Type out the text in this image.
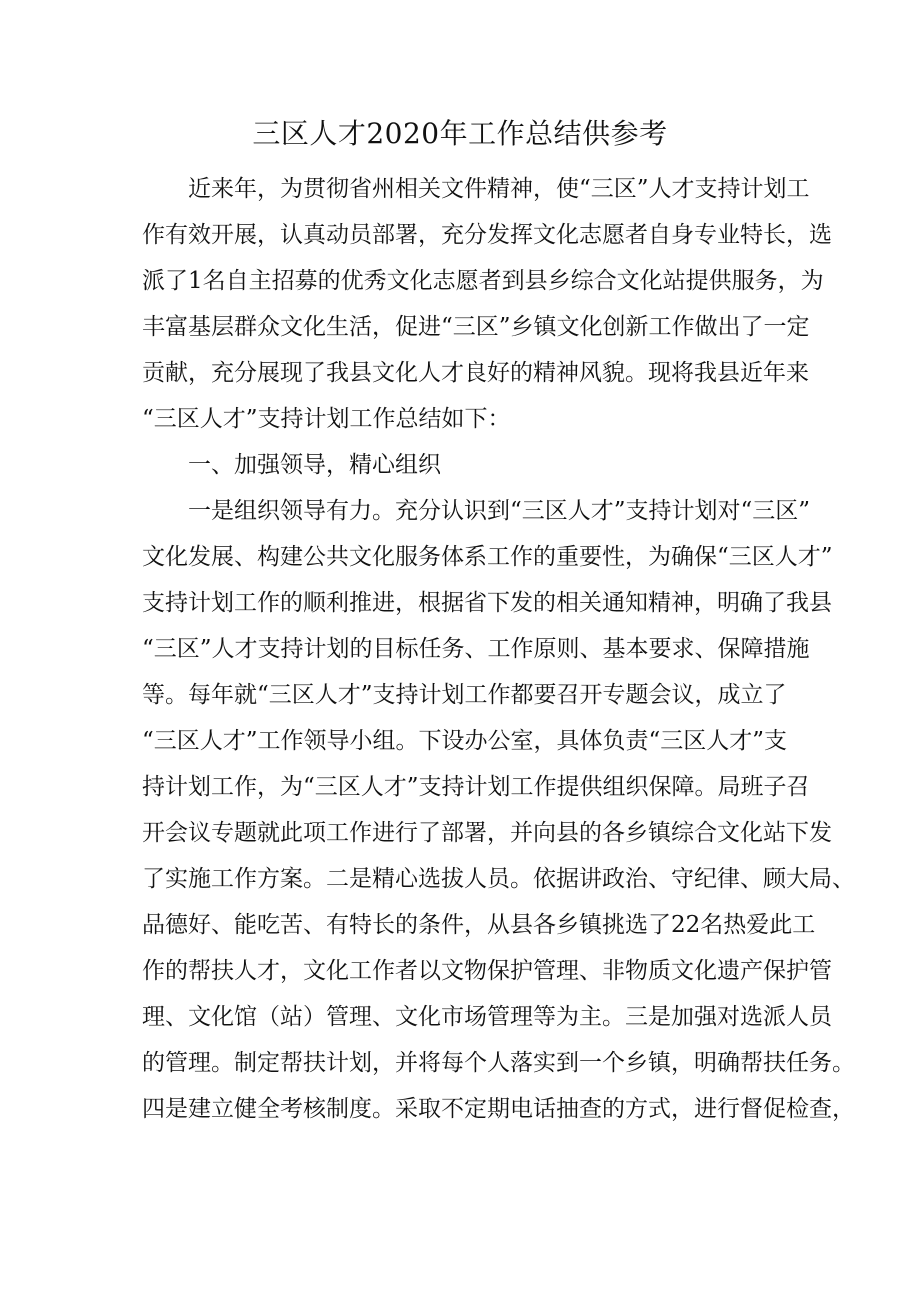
三区人才2020年工作总结供参考
近来年，为贯彻省州相关文件精神，使“三区”人才支持计划工
作有效开展，认真动员部署，充分发挥文化志愿者自身专业特长，选
派了1名自主招募的优秀文化志愿者到县乡综合文化站提供服务，为
丰富基层群众文化生活，促进“三区”乡镇文化创新工作做出了一定
贡献，充分展现了我县文化人才良好的精神风貌。现将我县近年来
“三区人才”支持计划工作总结如下：
一、加强领导，精心组织
一是组织领导有力。充分认识到“三区人才”支持计划对“三区”
文化发展、构建公共文化服务体系工作的重要性，为确保“三区人才”
支持计划工作的顺利推进，根据省下发的相关通知精神，明确了我县
“三区”人才支持计划的目标任务、工作原则、基本要求、保障措施
等。每年就“三区人才”支持计划工作都要召开专题会议，成立了
“三区人才”工作领导小组。下设办公室，具体负责“三区人才”支
持计划工作，为“三区人才”支持计划工作提供组织保障。局班子召
开会议专题就此项工作进行了部署，并向县的各乡镇综合文化站下发
了实施工作方案。二是精心选拔人员。依据讲政治、守纪律、顾大局、
品德好、能吃苦、有特长的条件，从县各乡镇挑选了22名热爱此工
作的帮扶人才，文化工作者以文物保护管理、非物质文化遗产保护管
理、文化馆（站）管理、文化市场管理等为主。三是加强对选派人员
的管理。制定帮扶计划，并将每个人落实到一个乡镇，明确帮扶任务。
四是建立健全考核制度。采取不定期电话抽查的方式，进行督促检查，
